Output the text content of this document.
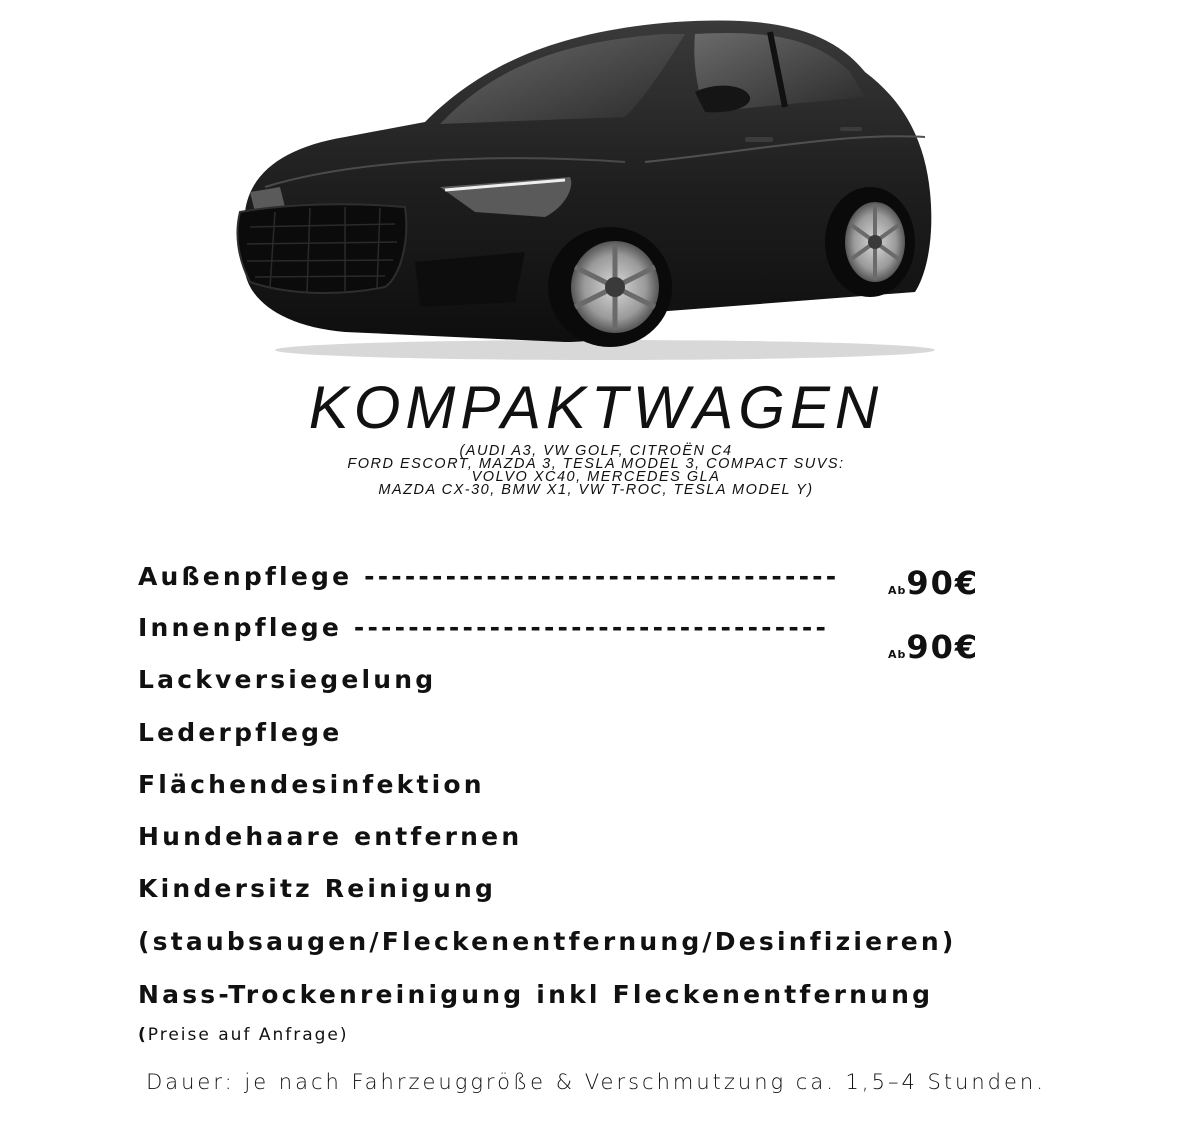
KOMPAKTWAGEN
(AUDI A3, VW GOLF, CITROËN C4
FORD ESCORT, MAZDA 3, TESLA MODEL 3, COMPACT SUVS:
VOLVO XC40, MERCEDES GLA
MAZDA CX-30, BMW X1, VW T-ROC, TESLA MODEL Y)
Außenpflege -----------------------------------
Innenpflege -----------------------------------
Lackversiegelung
Lederpflege
Flächendesinfektion
Hundehaare entfernen
Kindersitz Reinigung
(staubsaugen/Fleckenentfernung/Desinfizieren)
Nass-Trockenreinigung inkl Fleckenentfernung
Ab90€
Ab90€
(Preise auf Anfrage)
Dauer: je nach Fahrzeuggröße & Verschmutzung ca. 1,5–4 Stunden.
